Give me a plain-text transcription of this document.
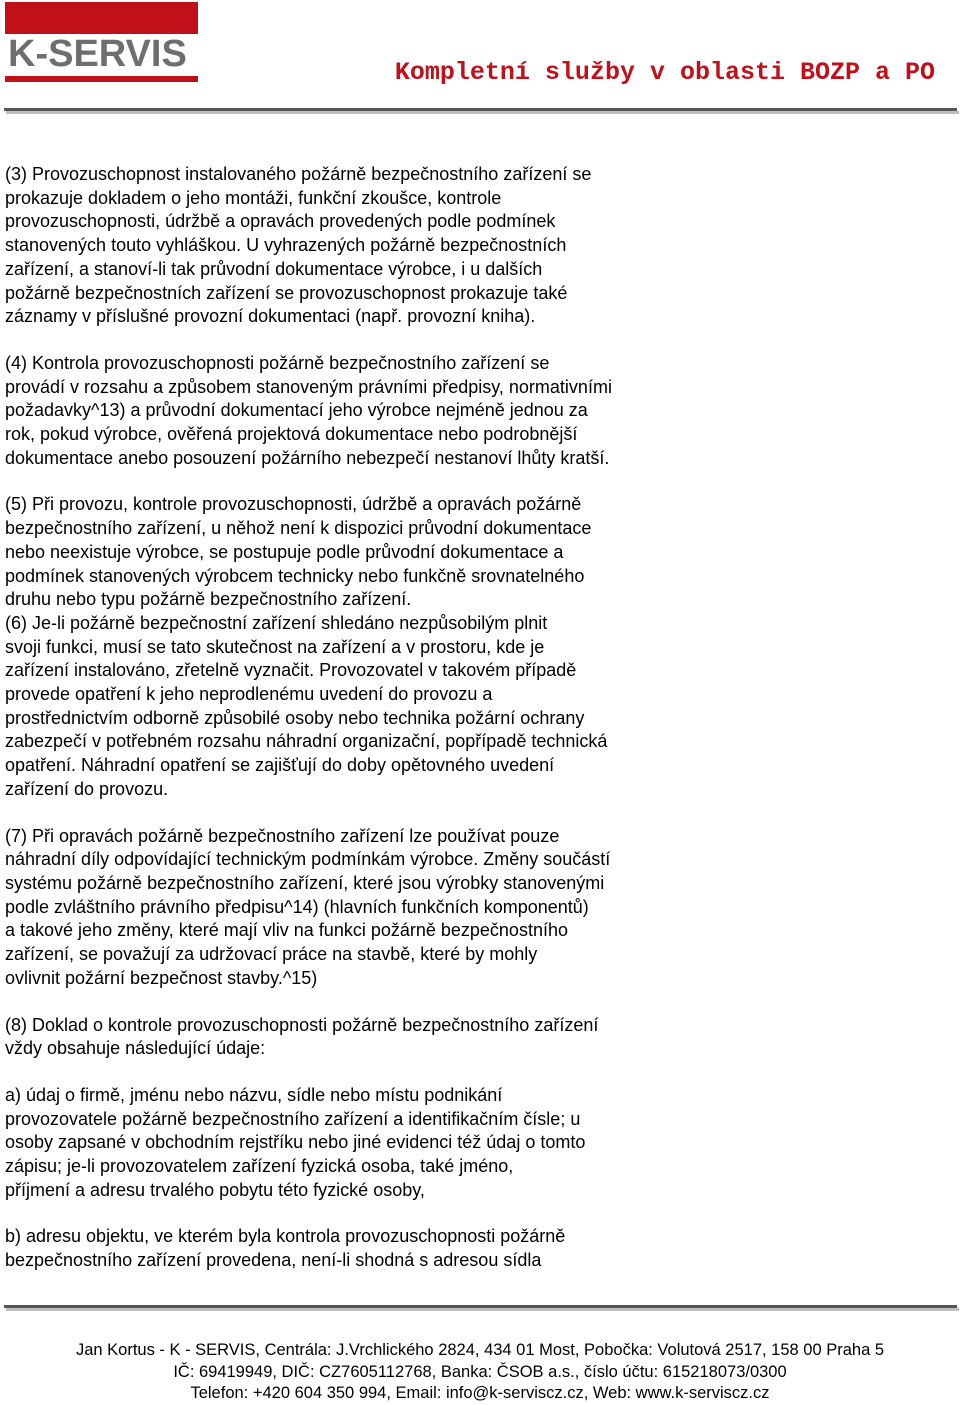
K-SERVIS	Kompletní služby v oblasti BOZP a PO

(3) Provozuschopnost instalovaného požárně bezpečnostního zařízení se
prokazuje dokladem o jeho montáži, funkční zkoušce, kontrole
provozuschopnosti, údržbě a opravách provedených podle podmínek
stanovených touto vyhláškou. U vyhrazených požárně bezpečnostních
zařízení, a stanoví-li tak průvodní dokumentace výrobce, i u dalších
požárně bezpečnostních zařízení se provozuschopnost prokazuje také
záznamy v příslušné provozní dokumentaci (např. provozní kniha).

(4) Kontrola provozuschopnosti požárně bezpečnostního zařízení se
provádí v rozsahu a způsobem stanoveným právními předpisy, normativními
požadavky^13) a průvodní dokumentací jeho výrobce nejméně jednou za
rok, pokud výrobce, ověřená projektová dokumentace nebo podrobnější
dokumentace anebo posouzení požárního nebezpečí nestanoví lhůty kratší.

(5) Při provozu, kontrole provozuschopnosti, údržbě a opravách požárně
bezpečnostního zařízení, u něhož není k dispozici průvodní dokumentace
nebo neexistuje výrobce, se postupuje podle průvodní dokumentace a
podmínek stanovených výrobcem technicky nebo funkčně srovnatelného
druhu nebo typu požárně bezpečnostního zařízení.

(6) Je-li požárně bezpečnostní zařízení shledáno nezpůsobilým plnit
svoji funkci, musí se tato skutečnost na zařízení a v prostoru, kde je
zařízení instalováno, zřetelně vyznačit. Provozovatel v takovém případě
provede opatření k jeho neprodlenému uvedení do provozu a
prostřednictvím odborně způsobilé osoby nebo technika požární ochrany
zabezpečí v potřebném rozsahu náhradní organizační, popřípadě technická
opatření. Náhradní opatření se zajišťují do doby opětovného uvedení
zařízení do provozu.

(7) Při opravách požárně bezpečnostního zařízení lze používat pouze
náhradní díly odpovídající technickým podmínkám výrobce. Změny součástí
systému požárně bezpečnostního zařízení, které jsou výrobky stanovenými
podle zvláštního právního předpisu^14) (hlavních funkčních komponentů)
a takové jeho změny, které mají vliv na funkci požárně bezpečnostního
zařízení, se považují za udržovací práce na stavbě, které by mohly
ovlivnit požární bezpečnost stavby.^15)

(8) Doklad o kontrole provozuschopnosti požárně bezpečnostního zařízení
vždy obsahuje následující údaje:

a) údaj o firmě, jménu nebo názvu, sídle nebo místu podnikání
provozovatele požárně bezpečnostního zařízení a identifikačním čísle; u
osoby zapsané v obchodním rejstříku nebo jiné evidenci též údaj o tomto
zápisu; je-li provozovatelem zařízení fyzická osoba, také jméno,
příjmení a adresu trvalého pobytu této fyzické osoby,

b) adresu objektu, ve kterém byla kontrola provozuschopnosti požárně
bezpečnostního zařízení provedena, není-li shodná s adresou sídla

Jan Kortus - K - SERVIS, Centrála: J.Vrchlického 2824, 434 01 Most, Pobočka: Volutová 2517, 158 00 Praha 5
IČ: 69419949, DIČ: CZ7605112768, Banka: ČSOB a.s., číslo účtu: 615218073/0300
Telefon: +420 604 350 994, Email: info@k-serviscz.cz, Web: www.k-serviscz.cz
